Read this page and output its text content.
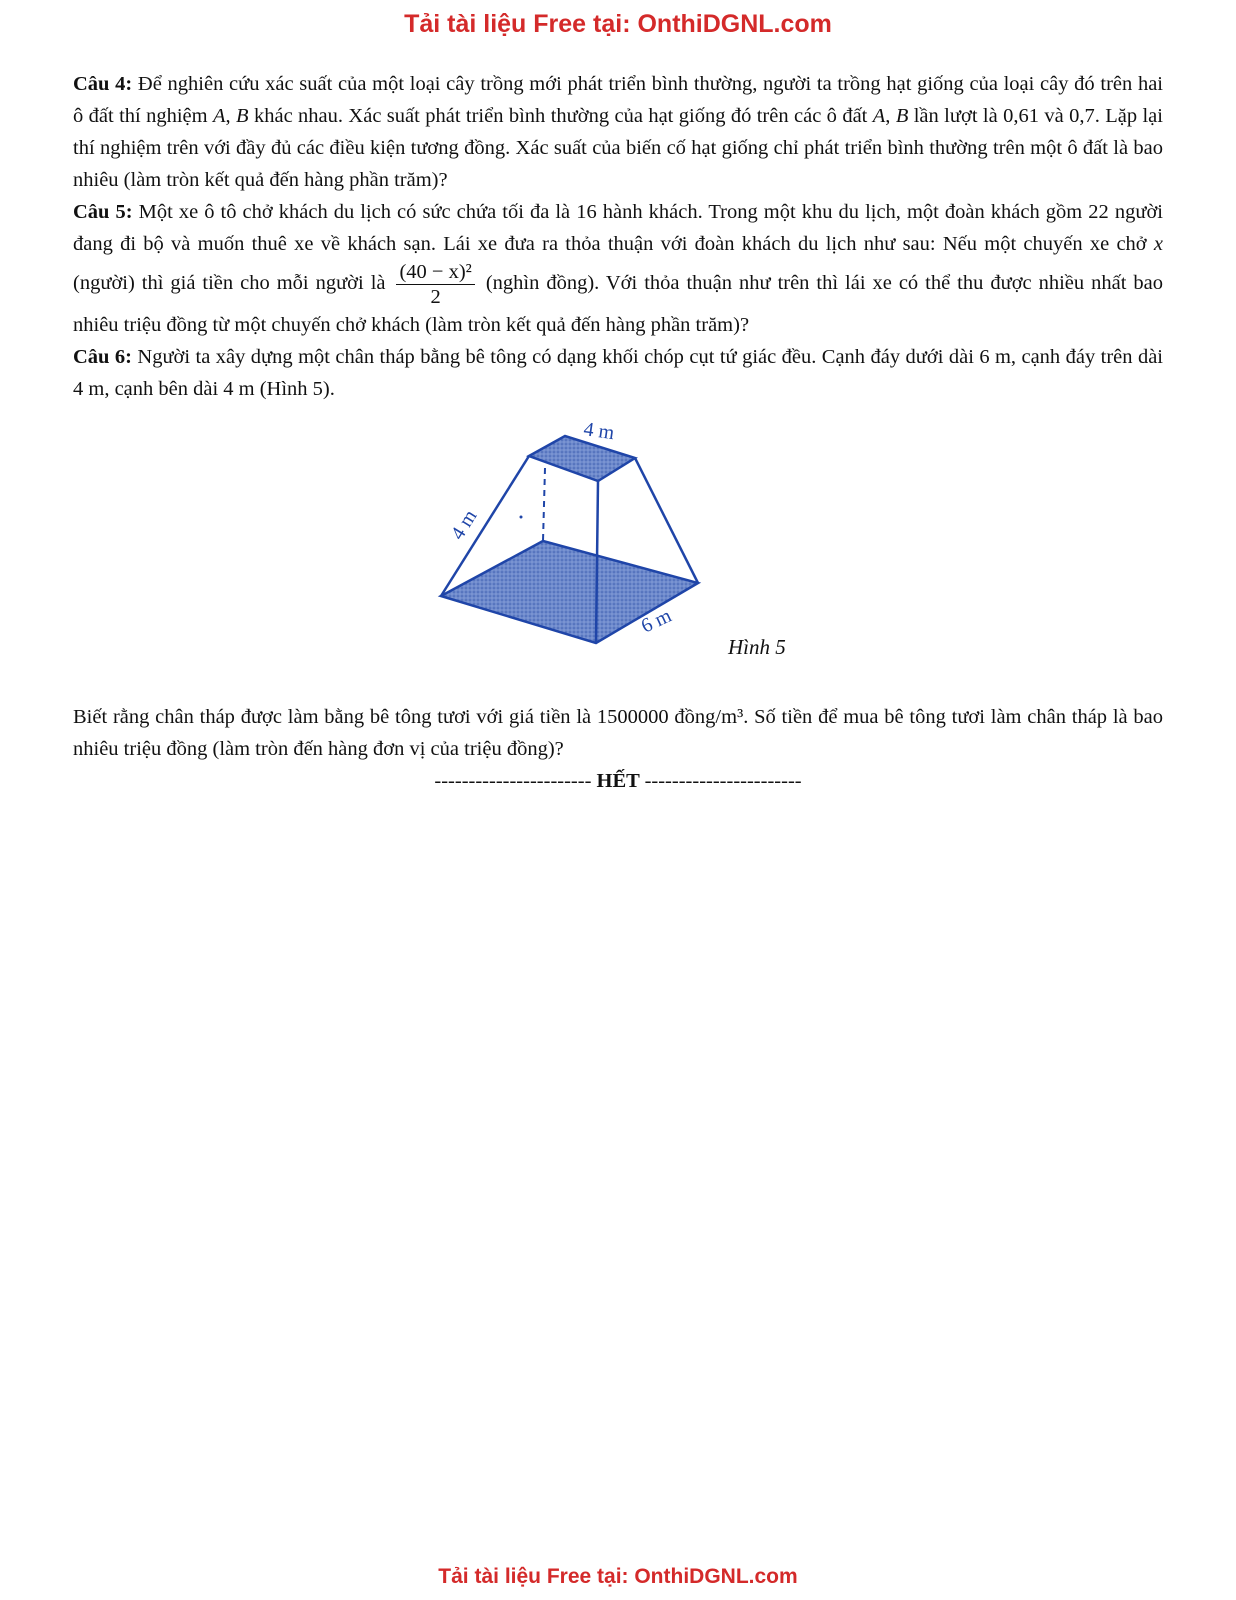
Tải tài liệu Free tại: OnthiDGNL.com

Câu 4: Để nghiên cứu xác suất của một loại cây trồng mới phát triển bình thường, người ta trồng hạt giống của loại cây đó trên hai ô đất thí nghiệm A, B khác nhau. Xác suất phát triển bình thường của hạt giống đó trên các ô đất A, B lần lượt là 0,61 và 0,7. Lặp lại thí nghiệm trên với đầy đủ các điều kiện tương đồng. Xác suất của biến cố hạt giống chỉ phát triển bình thường trên một ô đất là bao nhiêu (làm tròn kết quả đến hàng phần trăm)?

Câu 5: Một xe ô tô chở khách du lịch có sức chứa tối đa là 16 hành khách. Trong một khu du lịch, một đoàn khách gồm 22 người đang đi bộ và muốn thuê xe về khách sạn. Lái xe đưa ra thỏa thuận với đoàn khách du lịch như sau: Nếu một chuyến xe chở x (người) thì giá tiền cho mỗi người là $\frac{\text{(40 − x)²}}{2}$ (nghìn đồng). Với thỏa thuận như trên thì lái xe có thể thu được nhiều nhất bao nhiêu triệu đồng từ một chuyến chở khách (làm tròn kết quả đến hàng phần trăm)?

Câu 6: Người ta xây dựng một chân tháp bằng bê tông có dạng khối chóp cụt tứ giác đều. Cạnh đáy dưới dài 6 m, cạnh đáy trên dài 4 m, cạnh bên dài 4 m (Hình 5).

4 m
4 m
6 m
Hình 5

Biết rằng chân tháp được làm bằng bê tông tươi với giá tiền là 1500000 đồng/m³. Số tiền để mua bê tông tươi làm chân tháp là bao nhiêu triệu đồng (làm tròn đến hàng đơn vị của triệu đồng)?

----------------------- HẾT -----------------------

Tải tài liệu Free tại: OnthiDGNL.com
